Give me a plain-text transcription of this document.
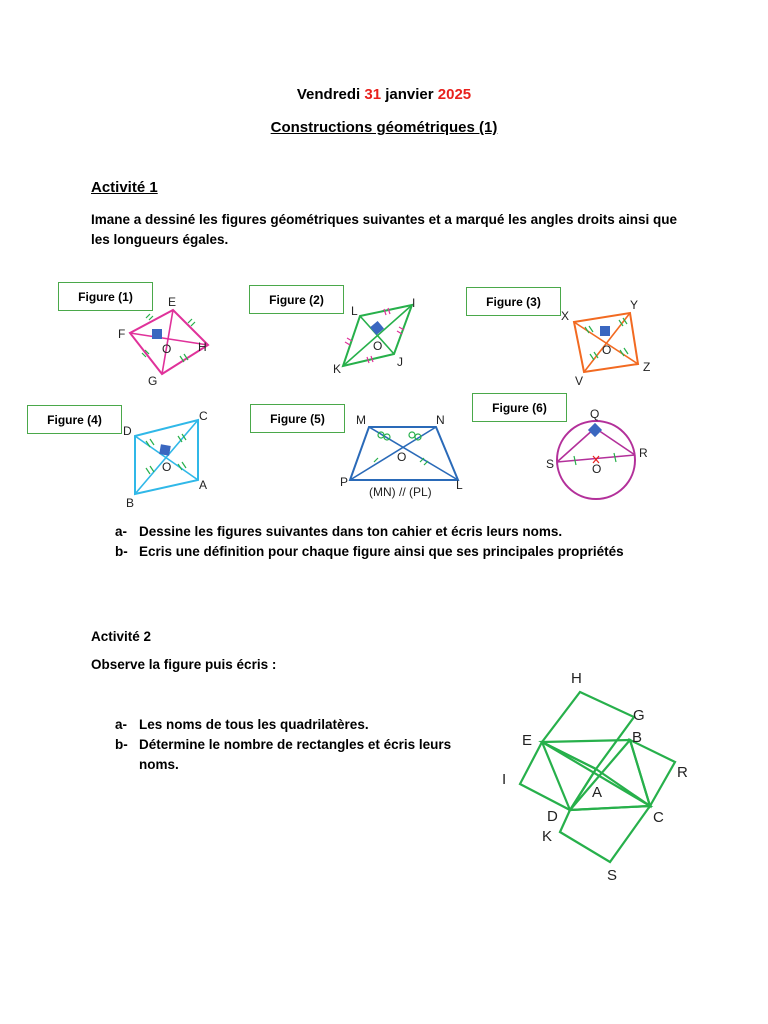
Vendredi 31 janvier 2025
Constructions géométriques (1)
Activité 1
Imane a dessiné les figures géométriques suivantes et a marqué les angles droits ainsi que les longueurs égales.
Figure (1)	Figure (2)	Figure (3)
Figure (4)	Figure (5)
Figure (6)
E
F
O H
G
L
I
O
K	J
X
Y
O
V
Z
D
C
O
B
A
M	N
O
P	L
(MN) // (PL)
Q
S	O
R
H
G
E	B
R
I
A
D	C
K
S
a- Dessine les figures suivantes dans ton cahier et écris leurs noms.
b- Ecris une définition pour chaque figure ainsi que ses principales propriétés
Activité 2
Observe la figure puis écris :
a- Les noms de tous les quadrilatères.
b- Détermine le nombre de rectangles et écris leurs noms.
